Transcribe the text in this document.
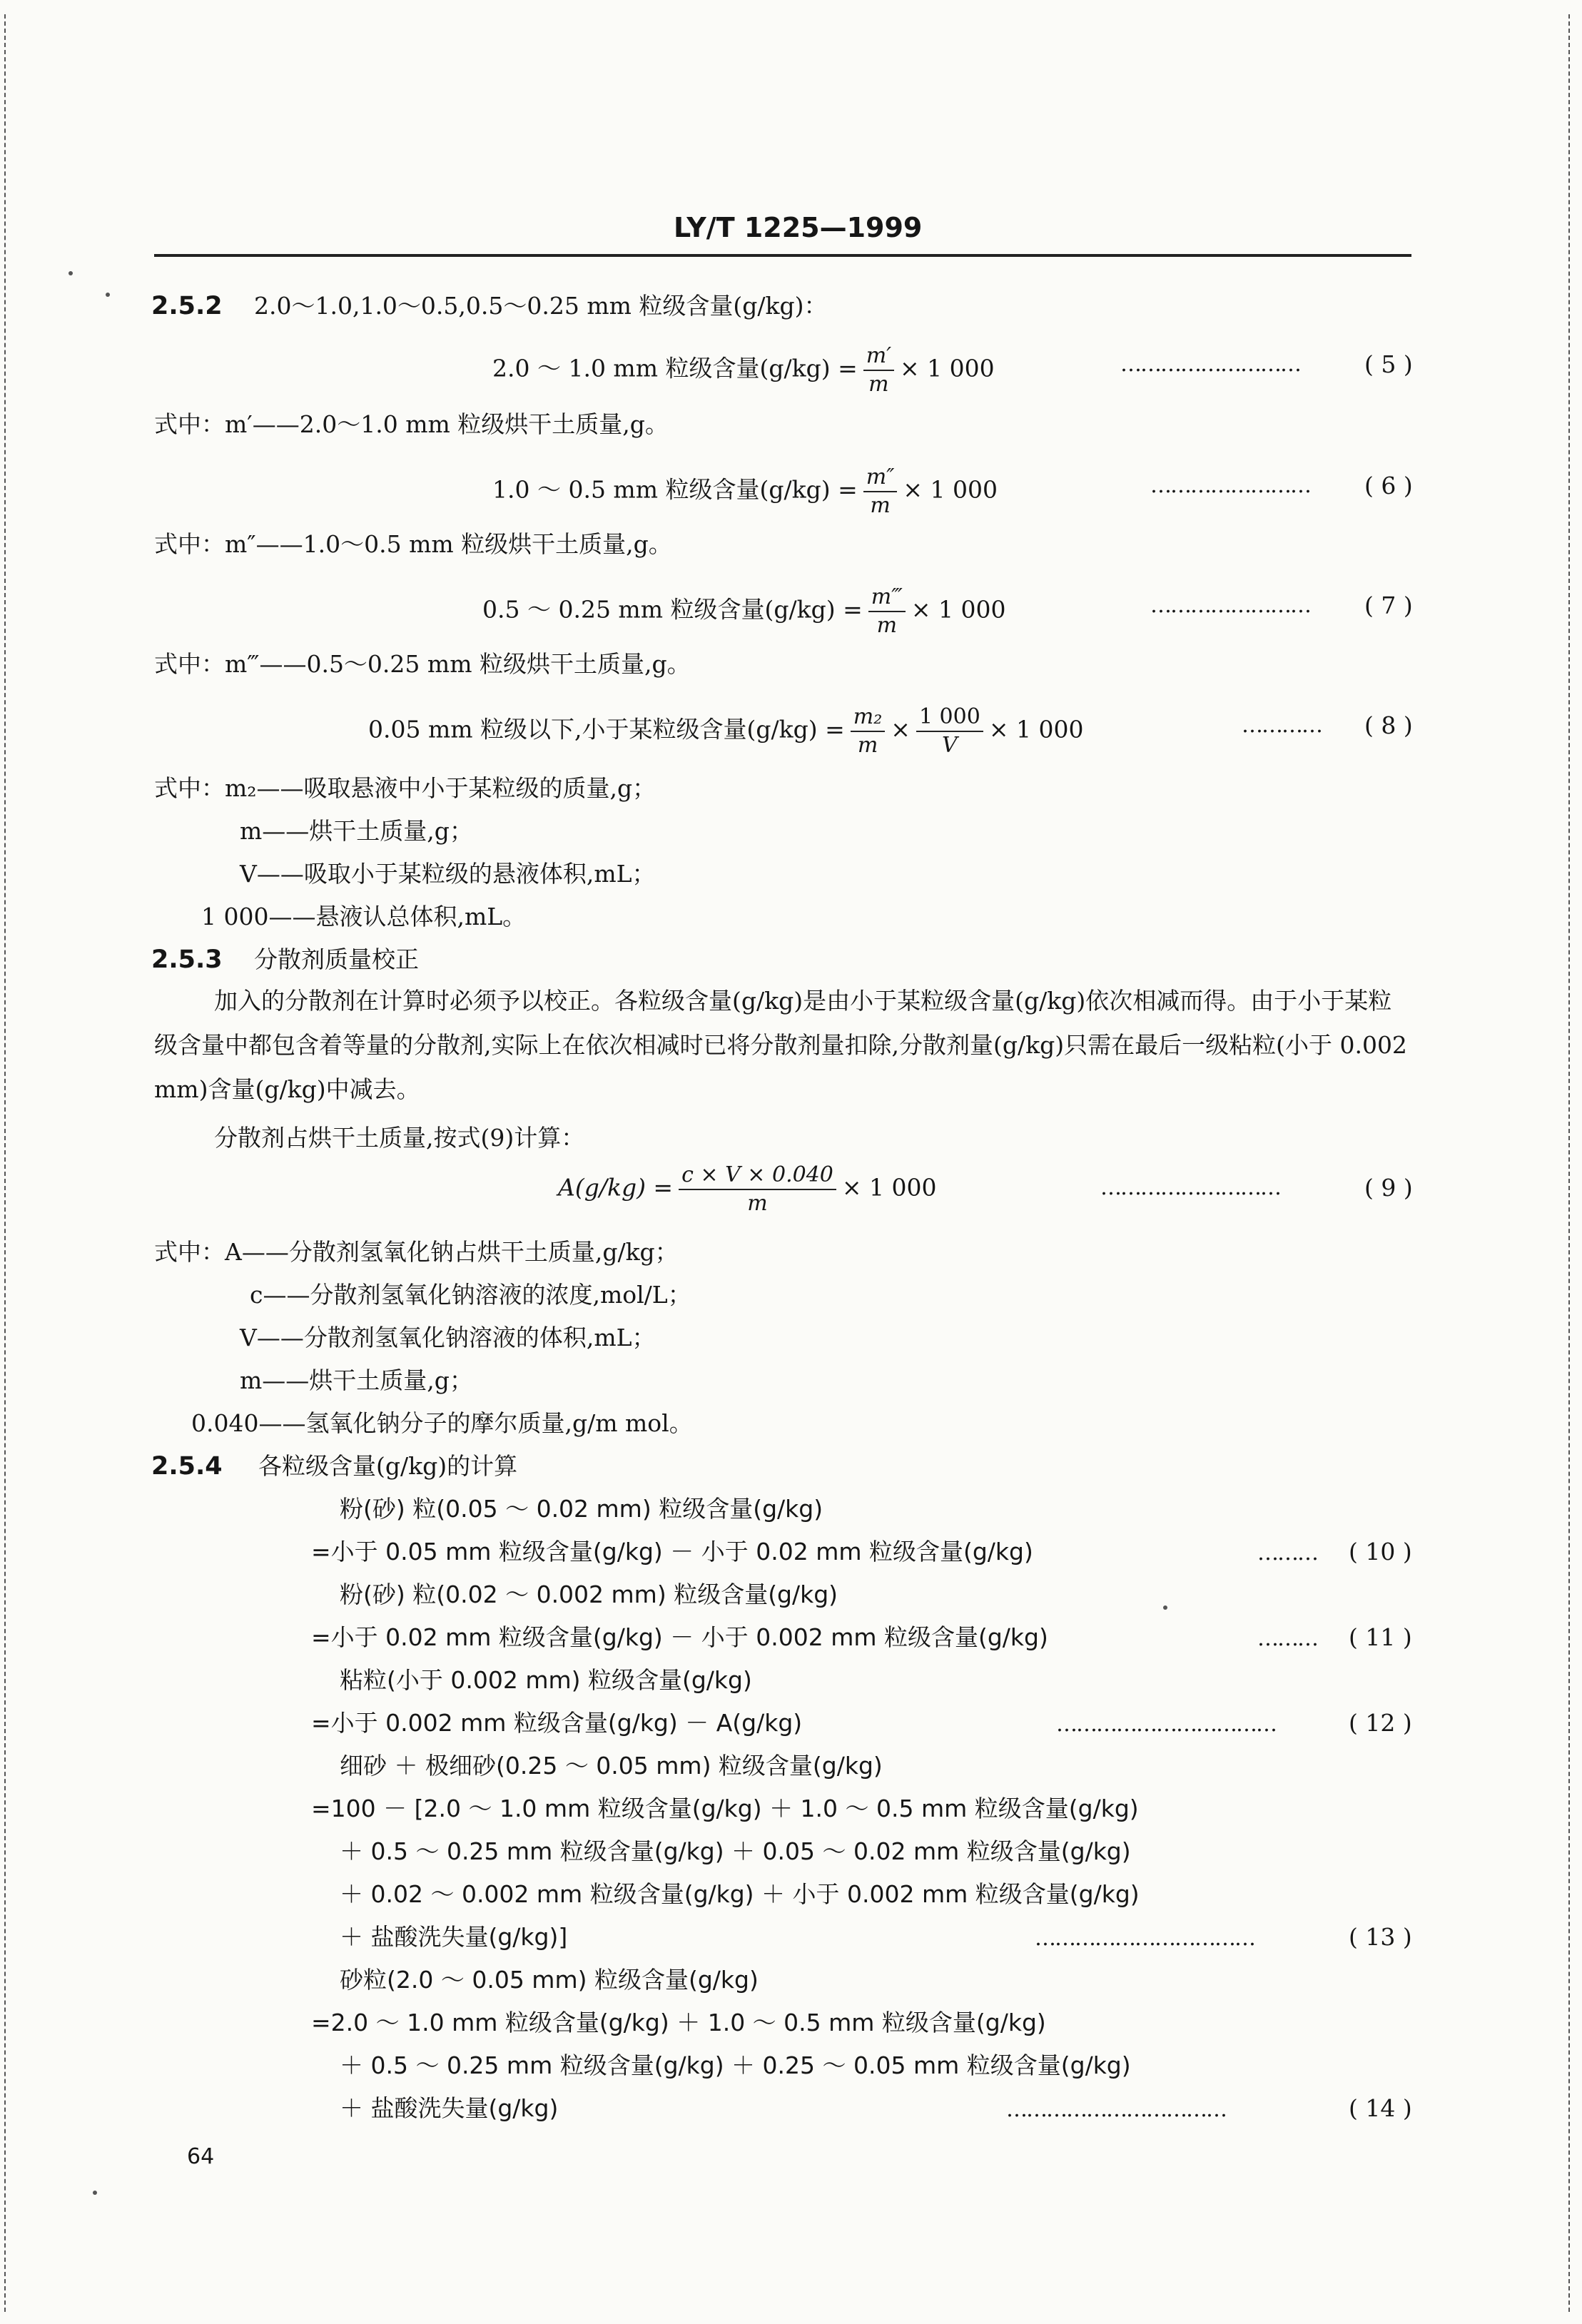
LY/T 1225—1999
2.5.2 2.0～1.0,1.0～0.5,0.5～0.25 mm 粒级含量(g/kg)：
2.0 ～ 1.0 mm 粒级含量$(g/kg) = \frac{m'}{m} \times 1$ 000	………………………	( 5 )
式中：m′——2.0～1.0 mm 粒级烘干土质量,g。
1.0 ～ 0.5 mm 粒级含量$(g/kg) = \frac{m''}{m} \times 1$ 000	…………………… ( 6 )
式中：m″——1.0～0.5 mm 粒级烘干土质量,g。
0.5 ～ 0.25 mm 粒级含量$(g/kg) = \frac{m‴}{m} \times 1$ 000	…………………… ( 7 )
式中：m‴——0.5～0.25 mm 粒级烘干土质量,g。
0.05 mm 粒级以下,小于某粒级含量$(g/kg) = \frac{\text{m₂}}{m} \times \frac{1 000}{V} \times 1$ 000	………… ( 8 )
式中：m₂——吸取悬液中小于某粒级的质量,g；
m——烘干土质量,g；
V——吸取小于某粒级的悬液体积,mL；
1 000——悬液认总体积,mL。
2.5.3 分散剂质量校正
加入的分散剂在计算时必须予以校正。各粒级含量(g/kg)是由小于某粒级含量(g/kg)依次相减而得。由于小于某粒级含量中都包含着等量的分散剂,实际上在依次相减时已将分散剂量扣除,分散剂量(g/kg)只需在最后一级粘粒(小于 0.002 mm)含量(g/kg)中减去。
分散剂占烘干土质量,按式(9)计算：
$A(g/kg) = \frac{c \times V \times 0.040}{m} \times 1$ 000	………………………	( 9 )
式中：A——分散剂氢氧化钠占烘干土质量,g/kg；
c——分散剂氢氧化钠溶液的浓度,mol/L；
V——分散剂氢氧化钠溶液的体积,mL；
m——烘干土质量,g；
0.040——氢氧化钠分子的摩尔质量,g/m mol。
2.5.4 各粒级含量(g/kg)的计算
粉(砂) 粒(0.05 ～ 0.02 mm) 粒级含量(g/kg)
=小于 0.05 mm 粒级含量(g/kg) － 小于 0.02 mm 粒级含量(g/kg)	……… ( 10 )
粉(砂) 粒(0.02 ～ 0.002 mm) 粒级含量(g/kg)
=小于 0.02 mm 粒级含量(g/kg) － 小于 0.002 mm 粒级含量(g/kg)	……… ( 11 )
粘粒(小于 0.002 mm) 粒级含量(g/kg)
=小于 0.002 mm 粒级含量(g/kg) － A(g/kg)	……………………………	( 12 )
细砂 ＋ 极细砂(0.25 ～ 0.05 mm) 粒级含量(g/kg)
=100 － [2.0 ～ 1.0 mm 粒级含量(g/kg) ＋ 1.0 ～ 0.5 mm 粒级含量(g/kg)
＋ 0.5 ～ 0.25 mm 粒级含量(g/kg) ＋ 0.05 ～ 0.02 mm 粒级含量(g/kg)
＋ 0.02 ～ 0.002 mm 粒级含量(g/kg) ＋ 小于 0.002 mm 粒级含量(g/kg)
＋ 盐酸洗失量(g/kg)]	……………………………	( 13 )
砂粒(2.0 ～ 0.05 mm) 粒级含量(g/kg)
=2.0 ～ 1.0 mm 粒级含量(g/kg) ＋ 1.0 ～ 0.5 mm 粒级含量(g/kg)
＋ 0.5 ～ 0.25 mm 粒级含量(g/kg) ＋ 0.25 ～ 0.05 mm 粒级含量(g/kg)
＋ 盐酸洗失量(g/kg)	……………………………	( 14 )
64
